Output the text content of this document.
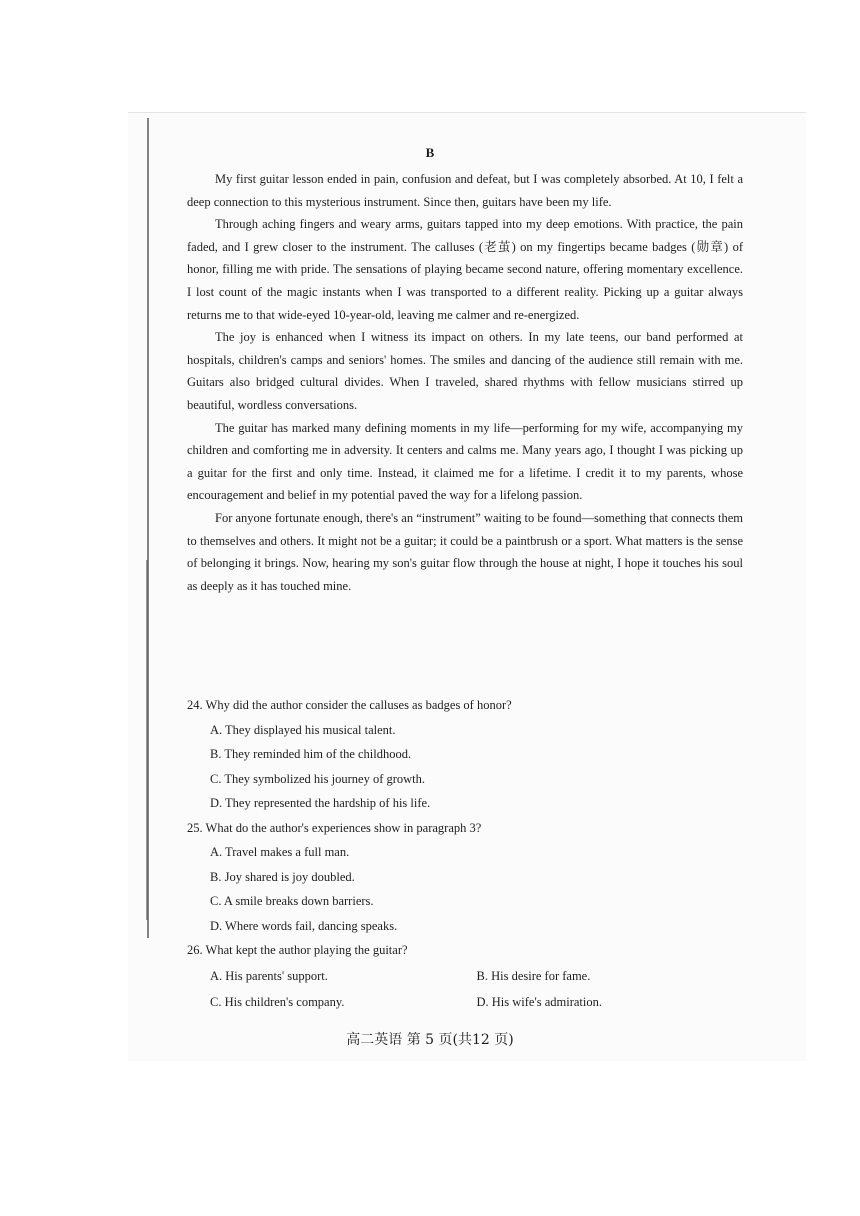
B

My first guitar lesson ended in pain, confusion and defeat, but I was completely absorbed. At 10, I felt a deep connection to this mysterious instrument. Since then, guitars have been my life.

Through aching fingers and weary arms, guitars tapped into my deep emotions. With practice, the pain faded, and I grew closer to the instrument. The calluses (老茧) on my fingertips became badges (勋章) of honor, filling me with pride. The sensations of playing became second nature, offering momentary excellence. I lost count of the magic instants when I was transported to a different reality. Picking up a guitar always returns me to that wide-eyed 10-year-old, leaving me calmer and re-energized.

The joy is enhanced when I witness its impact on others. In my late teens, our band performed at hospitals, children's camps and seniors' homes. The smiles and dancing of the audience still remain with me. Guitars also bridged cultural divides. When I traveled, shared rhythms with fellow musicians stirred up beautiful, wordless conversations.

The guitar has marked many defining moments in my life—performing for my wife, accompanying my children and comforting me in adversity. It centers and calms me. Many years ago, I thought I was picking up a guitar for the first and only time. Instead, it claimed me for a lifetime. I credit it to my parents, whose encouragement and belief in my potential paved the way for a lifelong passion.

For anyone fortunate enough, there's an “instrument” waiting to be found—something that connects them to themselves and others. It might not be a guitar; it could be a paintbrush or a sport. What matters is the sense of belonging it brings. Now, hearing my son's guitar flow through the house at night, I hope it touches his soul as deeply as it has touched mine.

24. Why did the author consider the calluses as badges of honor?
A. They displayed his musical talent.
B. They reminded him of the childhood.
C. They symbolized his journey of growth.
D. They represented the hardship of his life.
25. What do the author's experiences show in paragraph 3?
A. Travel makes a full man.
B. Joy shared is joy doubled.
C. A smile breaks down barriers.
D. Where words fail, dancing speaks.
26. What kept the author playing the guitar?
A. His parents' support.	B. His desire for fame.
C. His children's company.	D. His wife's admiration.
高二英语 第 5 页(共12 页)
